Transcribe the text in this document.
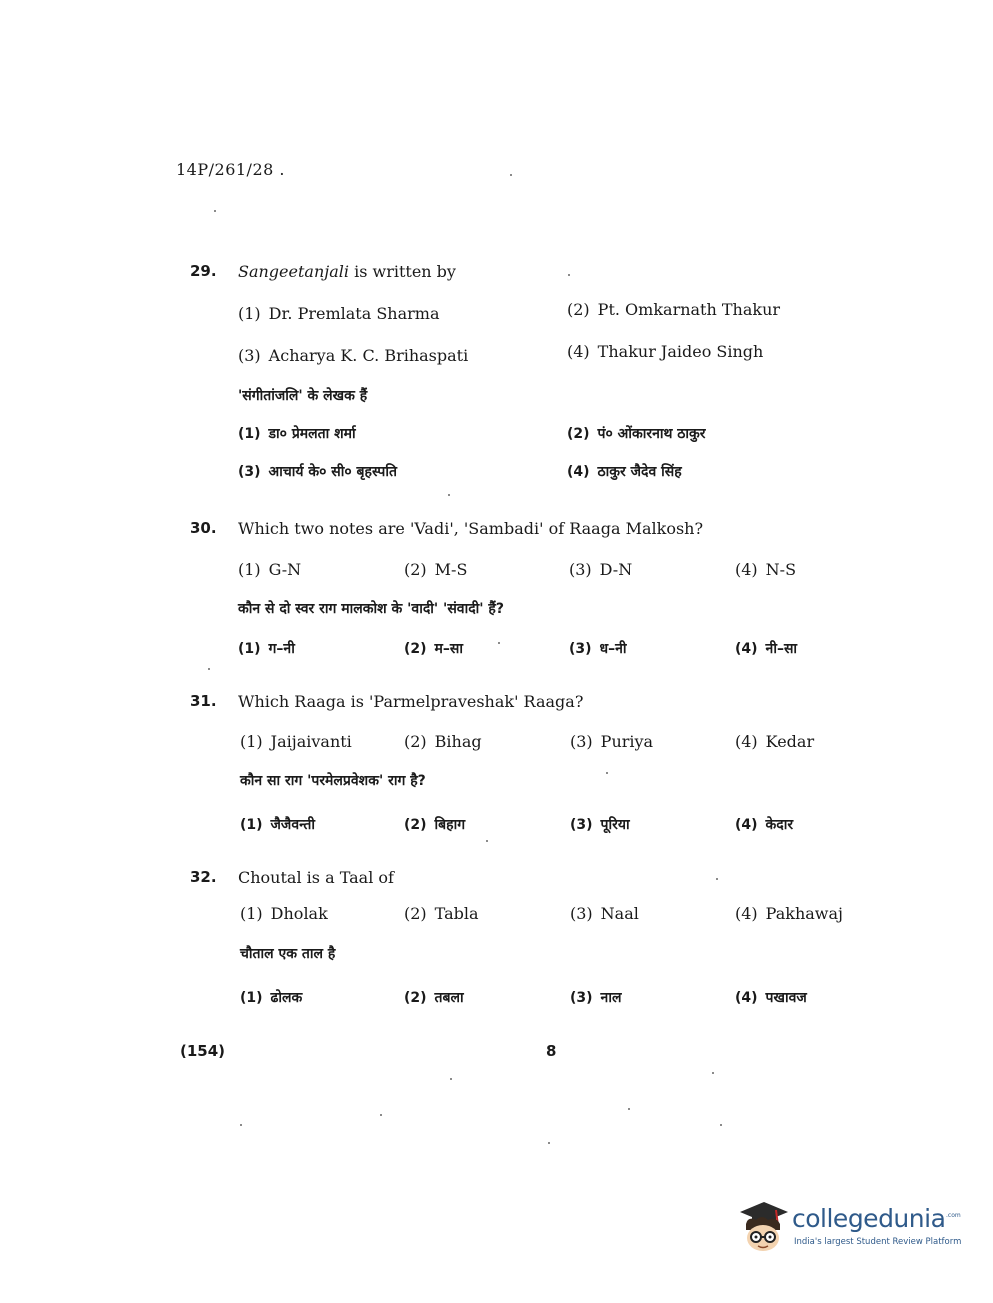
14P/261/28 .
29. Sangeetanjali is written by
(1) Dr. Premlata Sharma	(2) Pt. Omkarnath Thakur
(3) Acharya K. C. Brihaspati	(4) Thakur Jaideo Singh
'संगीतांजलि' के लेखक हैं
(1) डा० प्रेमलता शर्मा	(2) पं० ओंकारनाथ ठाकुर
(3) आचार्य के० सी० बृहस्पति	(4) ठाकुर जैदेव सिंह
30. Which two notes are 'Vadi', 'Sambadi' of Raaga Malkosh?
(1) G-N	(2) M-S	(3) D-N	(4) N-S
कौन से दो स्वर राग मालकोश के 'वादी' 'संवादी' हैं?
(1) ग–नी	(2) म–सा	(3) ध–नी	(4) नी–सा
31. Which Raaga is 'Parmelpraveshak' Raaga?
(1) Jaijaivanti	(2) Bihag	(3) Puriya	(4) Kedar
कौन सा राग 'परमेलप्रवेशक' राग है?
(1) जैजैवन्ती	(2) बिहाग	(3) पूरिया	(4) केदार
32. Choutal is a Taal of
(1) Dholak	(2) Tabla	(3) Naal	(4) Pakhawaj
चौताल एक ताल है
(1) ढोलक	(2) तबला	(3) नाल	(4) पखावज
(154)	8
collegedunia .com
India's largest Student Review Platform
